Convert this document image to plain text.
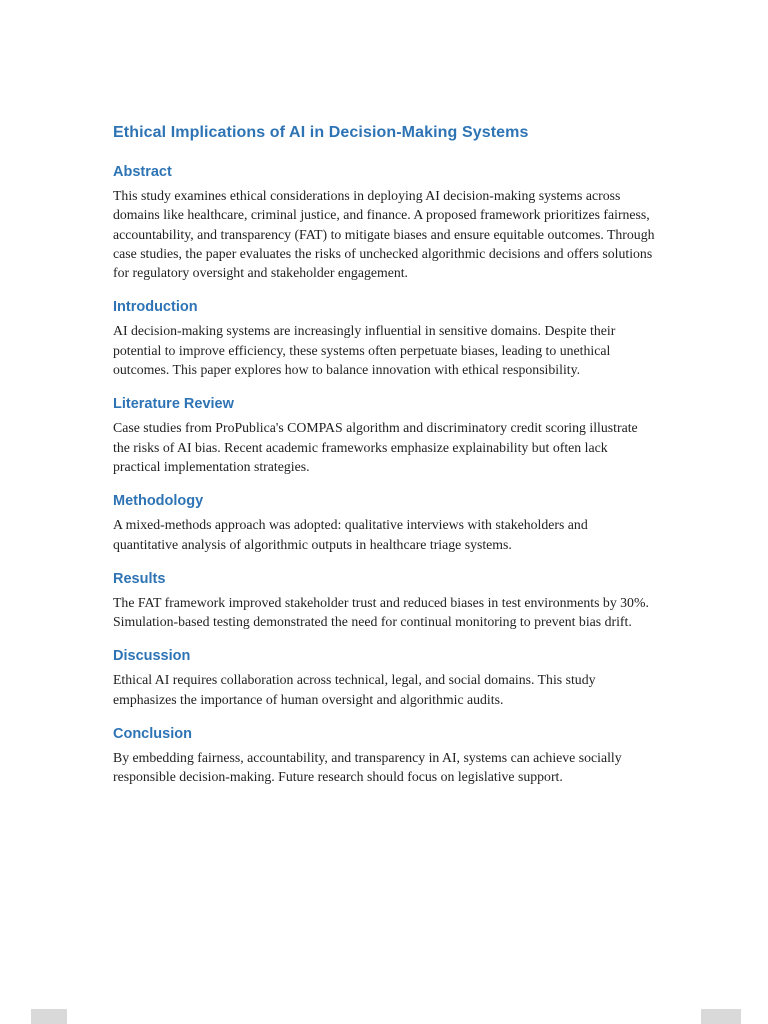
Ethical Implications of AI in Decision-Making Systems
Abstract

This study examines ethical considerations in deploying AI decision-making systems across domains like healthcare, criminal justice, and finance. A proposed framework prioritizes fairness, accountability, and transparency (FAT) to mitigate biases and ensure equitable outcomes. Through case studies, the paper evaluates the risks of unchecked algorithmic decisions and offers solutions for regulatory oversight and stakeholder engagement.

Introduction

AI decision-making systems are increasingly influential in sensitive domains. Despite their potential to improve efficiency, these systems often perpetuate biases, leading to unethical outcomes. This paper explores how to balance innovation with ethical responsibility.

Literature Review

Case studies from ProPublica's COMPAS algorithm and discriminatory credit scoring illustrate the risks of AI bias. Recent academic frameworks emphasize explainability but often lack practical implementation strategies.

Methodology

A mixed-methods approach was adopted: qualitative interviews with stakeholders and quantitative analysis of algorithmic outputs in healthcare triage systems.

Results

The FAT framework improved stakeholder trust and reduced biases in test environments by 30%. Simulation-based testing demonstrated the need for continual monitoring to prevent bias drift.

Discussion

Ethical AI requires collaboration across technical, legal, and social domains. This study emphasizes the importance of human oversight and algorithmic audits.

Conclusion

By embedding fairness, accountability, and transparency in AI, systems can achieve socially responsible decision-making. Future research should focus on legislative support.
